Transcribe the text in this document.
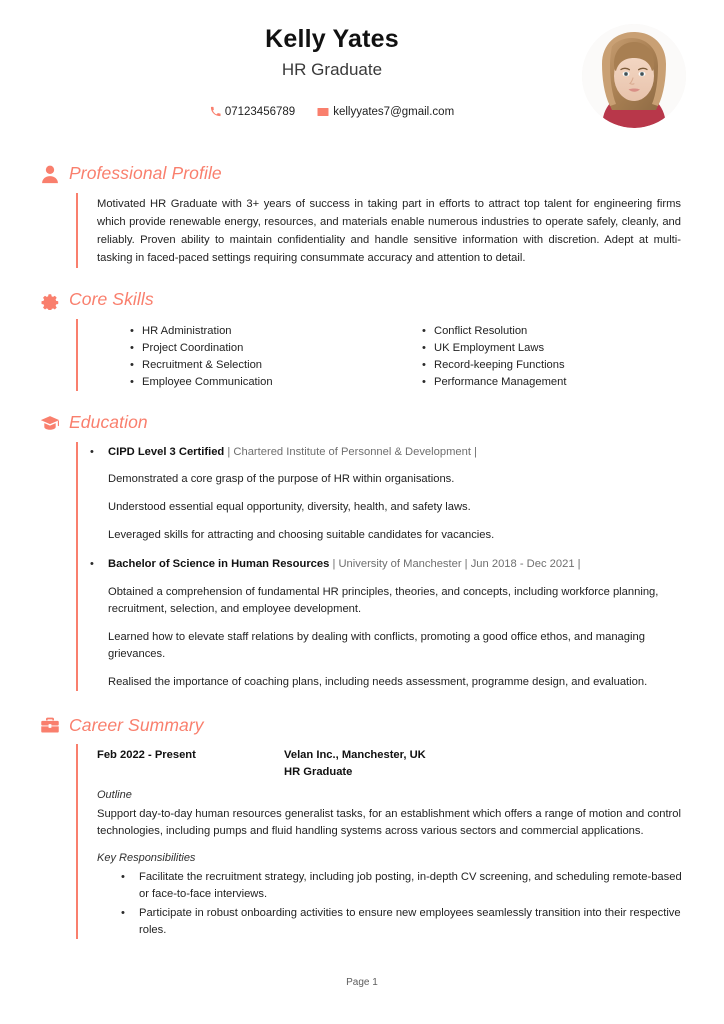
Kelly Yates
HR Graduate
07123456789	kellyyates7@gmail.com
Professional Profile

Motivated HR Graduate with 3+ years of success in taking part in efforts to attract top talent for engineering firms which provide renewable energy, resources, and materials enable numerous industries to operate safely, cleanly, and reliably. Proven ability to maintain confidentiality and handle sensitive information with discretion. Adept at multi-tasking in faced-paced settings requiring consummate accuracy and attention to detail.

Core Skills
• HR Administration
• Project Coordination
• Recruitment & Selection
• Employee Communication
• Conflict Resolution
• UK Employment Laws
• Record-keeping Functions
• Performance Management
Education
• CIPD Level 3 Certified | Chartered Institute of Personnel & Development |

Demonstrated a core grasp of the purpose of HR within organisations.

Understood essential equal opportunity, diversity, health, and safety laws.

Leveraged skills for attracting and choosing suitable candidates for vacancies.

• Bachelor of Science in Human Resources | University of Manchester | Jun 2018 - Dec 2021 |

Obtained a comprehension of fundamental HR principles, theories, and concepts, including workforce planning, recruitment, selection, and employee development.

Learned how to elevate staff relations by dealing with conflicts, promoting a good office ethos, and managing grievances.

Realised the importance of coaching plans, including needs assessment, programme design, and evaluation.

Career Summary
Feb 2022 - Present	Velan Inc., Manchester, UK
HR Graduate

Outline

Support day-to-day human resources generalist tasks, for an establishment which offers a range of motion and control technologies, including pumps and fluid handling systems across various sectors and commercial applications.

Key Responsibilities

• Facilitate the recruitment strategy, including job posting, in-depth CV screening, and scheduling remote-based or face-to-face interviews.
• Participate in robust onboarding activities to ensure new employees seamlessly transition into their respective roles.
Page 1
